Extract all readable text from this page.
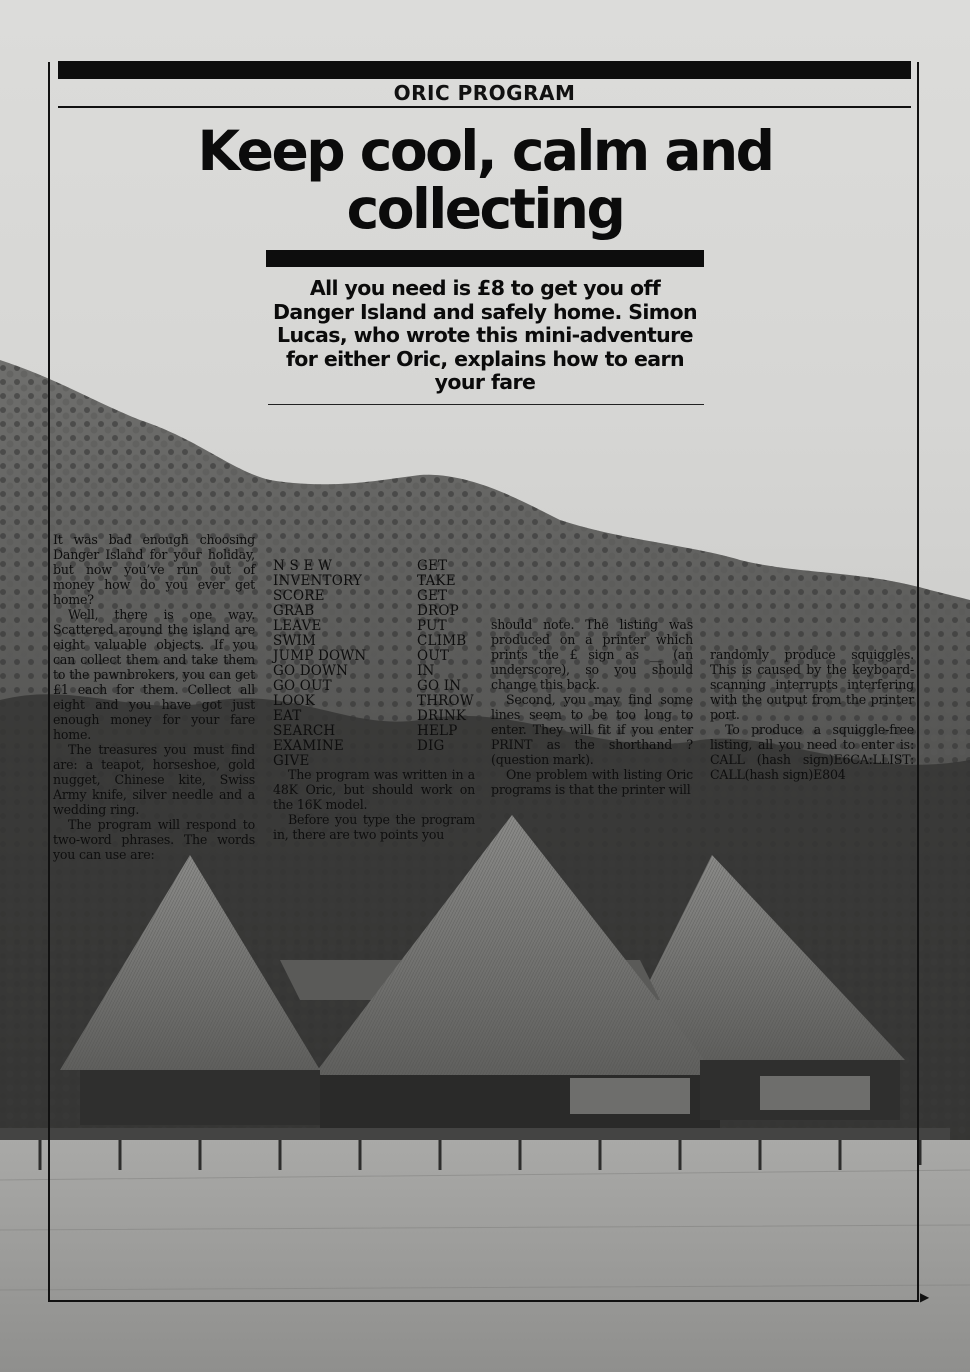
▶
ORIC PROGRAM
Keep cool, calm and collecting
All you need is £8 to get you off Danger Island and safely home. Simon Lucas, who wrote this mini-adventure for either Oric, explains how to earn your fare

It was bad enough choosing Danger Island for your holiday, but now you’ve run out of money how do you ever get home?

Well, there is one way. Scattered around the island are eight valuable objects. If you can collect them and take them to the pawnbrokers, you can get £1 each for them. Collect all eight and you have got just enough money for your fare home.

The treasures you must find are: a teapot, horseshoe, gold nugget, Chinese kite, Swiss Army knife, silver needle and a wedding ring.

The program will respond to two-word phrases. The words you can use are:

N S E W
INVENTORY
SCORE
GRAB
LEAVE
SWIM
JUMP DOWN
GO DOWN
GO OUT
LOOK
EAT
SEARCH
EXAMINE
GIVE
GET
TAKE
GET
DROP
PUT
CLIMB
OUT
IN
GO IN
THROW
DRINK
HELP
DIG

The program was written in a 48K Oric, but should work on the 16K model.

Before you type the program in, there are two points you

should note. The listing was produced on a printer which prints the £ sign as __ (an underscore), so you should change this back.

Second, you may find some lines seem to be too long to enter. They will fit if you enter PRINT as the shorthand ? (question mark).

One problem with listing Oric programs is that the printer will

randomly produce squiggles. This is caused by the keyboard-scanning interrupts interfering with the output from the printer port.

To produce a squiggle-free listing, all you need to enter is: CALL (hash sign)E6CA:LLIST: CALL(hash sign)E804
